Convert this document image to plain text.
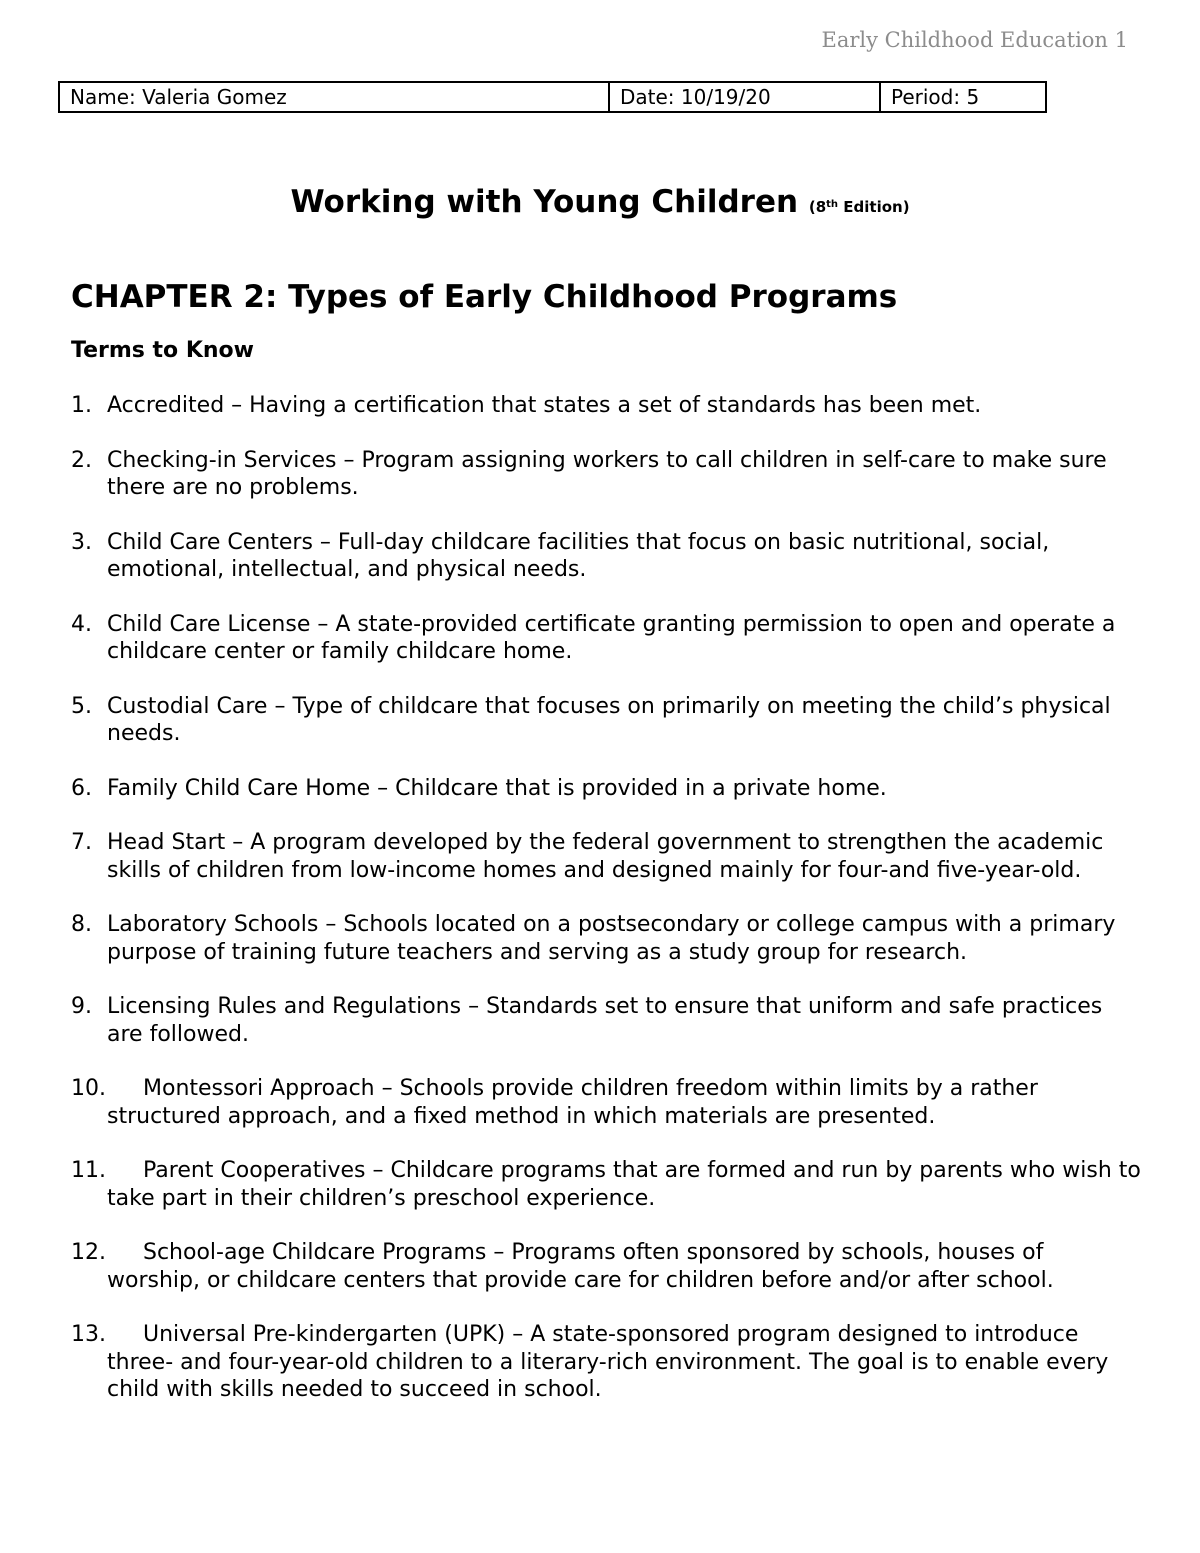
Early Childhood Education 1
Name: Valeria Gomez	Date: 10/19/20	Period: 5
Working with Young Children (8th Edition)
CHAPTER 2: Types of Early Childhood Programs
Terms to Know
1. Accredited – Having a certification that states a set of standards has been met.
2. Checking-in Services – Program assigning workers to call children in self-care to make sure there are no problems.
3. Child Care Centers – Full-day childcare facilities that focus on basic nutritional, social, emotional, intellectual, and physical needs.
4. Child Care License – A state-provided certificate granting permission to open and operate a childcare center or family childcare home.
5. Custodial Care – Type of childcare that focuses on primarily on meeting the child’s physical needs.
6. Family Child Care Home – Childcare that is provided in a private home.
7. Head Start – A program developed by the federal government to strengthen the academic skills of children from low-income homes and designed mainly for four-and five-year-old.
8. Laboratory Schools – Schools located on a postsecondary or college campus with a primary purpose of training future teachers and serving as a study group for research.
9. Licensing Rules and Regulations – Standards set to ensure that uniform and safe practices are followed.
10. Montessori Approach – Schools provide children freedom within limits by a rather structured approach, and a fixed method in which materials are presented.
11. Parent Cooperatives – Childcare programs that are formed and run by parents who wish to take part in their children’s preschool experience.
12. School-age Childcare Programs – Programs often sponsored by schools, houses of worship, or childcare centers that provide care for children before and/or after school.
13. Universal Pre-kindergarten (UPK) – A state-sponsored program designed to introduce three- and four-year-old children to a literary-rich environment. The goal is to enable every child with skills needed to succeed in school.
